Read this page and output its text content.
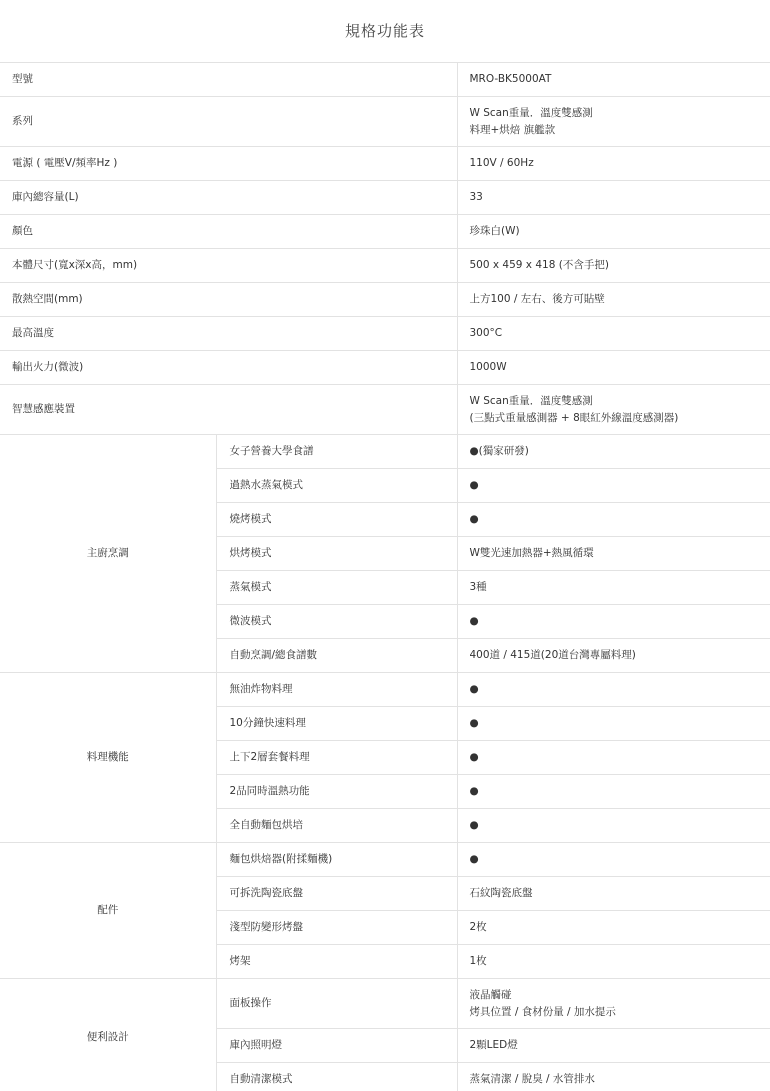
規格功能表
型號		MRO-BK5000AT

系列		W Scan重量．溫度雙感測
料理+烘焙 旗艦款

電源 ( 電壓V/頻率Hz )		110V / 60Hz

庫內總容量(L)		33

顏色		珍珠白(W)

本體尺寸(寬x深x高，mm)		500 x 459 x 418 (不含手把)

散熱空間(mm)		上方100 / 左右、後方可貼壁

最高溫度		300°C

輸出火力(微波)		1000W

智慧感應裝置		W Scan重量．溫度雙感測
(三點式重量感測器 + 8眼紅外線溫度感測器)

主廚烹調	女子營養大學食譜	●(獨家研發)

	過熱水蒸氣模式	●

	燒烤模式	●

	烘烤模式	W雙光速加熱器+熱風循環

	蒸氣模式	3種

	微波模式	●

	自動烹調/總食譜數	400道 / 415道(20道台灣專屬料理)

料理機能	無油炸物料理	●

	10分鐘快速料理	●

	上下2層套餐料理	●

	2品同時溫熱功能	●

	全自動麵包烘培	●

配件	麵包烘焙器(附揉麵機)	●

	可拆洗陶瓷底盤	石紋陶瓷底盤

	淺型防變形烤盤	2枚

	烤架	1枚

便利設計	面板操作	液晶觸碰
烤具位置 / 食材份量 / 加水提示

	庫內照明燈	2顆LED燈

	自動清潔模式	蒸氣清潔 / 脫臭 / 水管排水
